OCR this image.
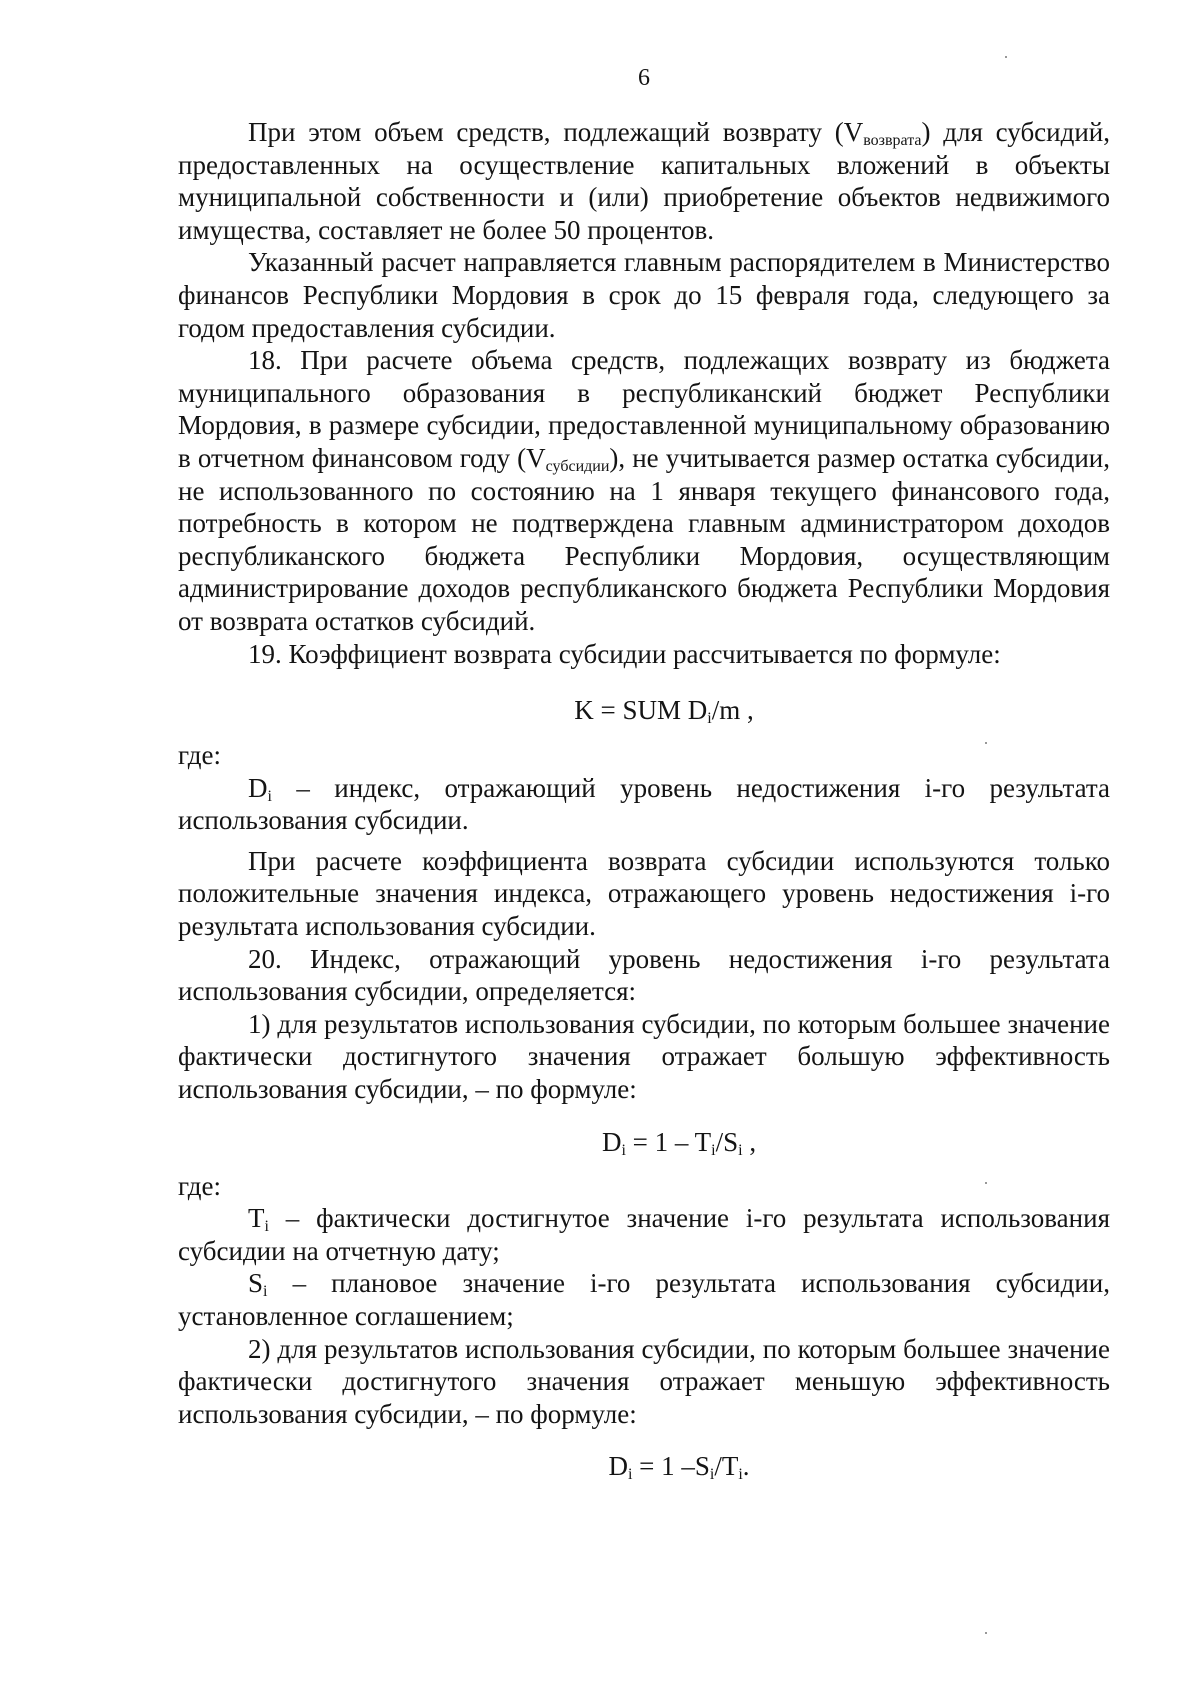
6

При этом объем средств, подлежащий возврату $(V_{возврата})$ для субсидий, предоставленных на осуществление капитальных вложений в объекты муниципальной собственности и (или) приобретение объектов недвижимого имущества, составляет не более 50 процентов.

Указанный расчет направляется главным распорядителем в Министерство финансов Республики Мордовия в срок до 15 февраля года, следующего за годом предоставления субсидии.

18. При расчете объема средств, подлежащих возврату из бюджета муниципального образования в республиканский бюджет Республики Мордовия, в размере субсидии, предоставленной муниципальному образованию в отчетном финансовом году $(V_{субсидии})$, не учитывается размер остатка субсидии, не использованного по состоянию на 1 января текущего финансового года, потребность в котором не подтверждена главным администратором доходов республиканского бюджета Республики Мордовия, осуществляющим администрирование доходов республиканского бюджета Республики Мордовия от возврата остатков субсидий.

19. Коэффициент возврата субсидии рассчитывается по формуле:

K = SUM $D_i/m$ ,

где:

$D_i$ – индекс, отражающий уровень недостижения i-го результата использования субсидии.

При расчете коэффициента возврата субсидии используются только положительные значения индекса, отражающего уровень недостижения i-го результата использования субсидии.

20. Индекс, отражающий уровень недостижения i-го результата использования субсидии, определяется:

1) для результатов использования субсидии, по которым большее значение фактически достигнутого значения отражает большую эффективность использования субсидии, – по формуле:

$D_i = 1 - T_i/S_i$ ,

где:

$T_i$ – фактически достигнутое значение i-го результата использования субсидии на отчетную дату;

$S_i$ – плановое значение i-го результата использования субсидии, установленное соглашением;

2) для результатов использования субсидии, по которым большее значение фактически достигнутого значения отражает меньшую эффективность использования субсидии, – по формуле:

$D_i = 1$ $-S_i/T_i$.
